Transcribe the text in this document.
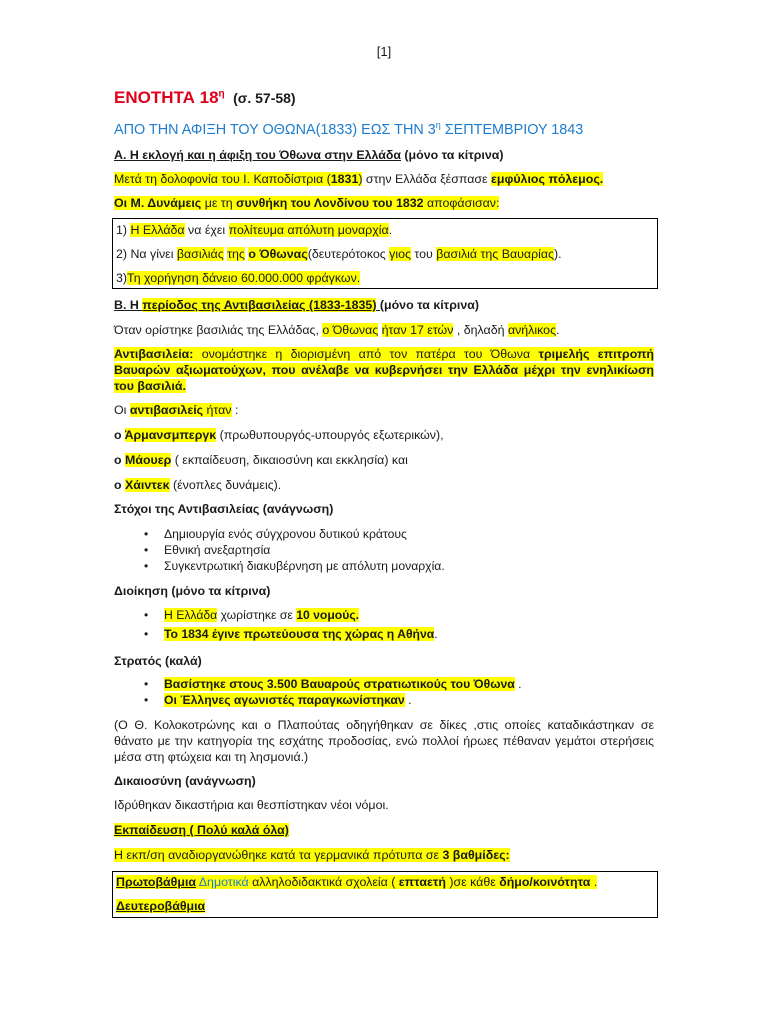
[1]
ΕΝΟΤΗΤΑ $18^\eta$ (σ. 57-58)
ΑΠΟ ΤΗΝ ΑΦΙΞΗ ΤΟΥ ΟΘΩΝΑ(1833) ΕΩΣ ΤΗΝ $3^\eta$ ΣΕΠΤΕΜΒΡΙΟΥ 1843

Α. Η εκλογή και η άφιξη του Όθωνα στην Ελλάδα (μόνο τα κίτρινα)

Μετά τη δολοφονία του Ι. Καποδίστρια (1831) στην Ελλάδα ξέσπασε εμφύλιος πόλεμος.

Οι Μ. Δυνάμεις με τη συνθήκη του Λονδίνου του 1832 αποφάσισαν:

1) Η Ελλάδα να έχει πολίτευμα απόλυτη μοναρχία.

2) Να γίνει βασιλιάς της ο Όθωνας(δευτερότοκος γιος του βασιλιά της Βαυαρίας).

3)Τη χορήγηση δάνειο 60.000.000 φράγκων.

Β. Η περίοδος της Αντιβασιλείας (1833-1835) (μόνο τα κίτρινα)

Όταν ορίστηκε βασιλιάς της Ελλάδας, ο Όθωνας ήταν 17 ετών , δηλαδή ανήλικος.

Αντιβασιλεία: ονομάστηκε η διορισμένη από τον πατέρα του Όθωνα τριμελής επιτροπή Βαυαρών αξιωματούχων, που ανέλαβε να κυβερνήσει την Ελλάδα μέχρι την ενηλικίωση του βασιλιά.

Οι αντιβασιλείς ήταν :

ο Άρμανσμπεργκ (πρωθυπουργός-υπουργός εξωτερικών),

ο Μάουερ ( εκπαίδευση, δικαιοσύνη και εκκλησία) και

ο Χάιντεκ (ένοπλες δυνάμεις).

Στόχοι της Αντιβασιλείας (ανάγνωση)

• Δημιουργία ενός σύγχρονου δυτικού κράτους
• Εθνική ανεξαρτησία
• Συγκεντρωτική διακυβέρνηση με απόλυτη μοναρχία.

Διοίκηση (μόνο τα κίτρινα)

• Η Ελλάδα χωρίστηκε σε 10 νομούς.
• Το 1834 έγινε πρωτεύουσα της χώρας η Αθήνα.

Στρατός (καλά)

• Βασίστηκε στους 3.500 Βαυαρούς στρατιωτικούς του Όθωνα .
• Οι Έλληνες αγωνιστές παραγκωνίστηκαν .

(Ο Θ. Κολοκοτρώνης και ο Πλαπούτας οδηγήθηκαν σε δίκες ,στις οποίες καταδικάστηκαν σε θάνατο με την κατηγορία της εσχάτης προδοσίας, ενώ πολλοί ήρωες πέθαναν γεμάτοι στερήσεις μέσα στη φτώχεια και τη λησμονιά.)

Δικαιοσύνη (ανάγνωση)

Ιδρύθηκαν δικαστήρια και θεσπίστηκαν νέοι νόμοι.

Εκπαίδευση ( Πολύ καλά όλα)

Η εκπ/ση αναδιοργανώθηκε κατά τα γερμανικά πρότυπα σε 3 βαθμίδες:

Πρωτοβάθμια Δημοτικά αλληλοδιδακτικά σχολεία ( επταετή )σε κάθε δήμο/κοινότητα .

Δευτεροβάθμια
